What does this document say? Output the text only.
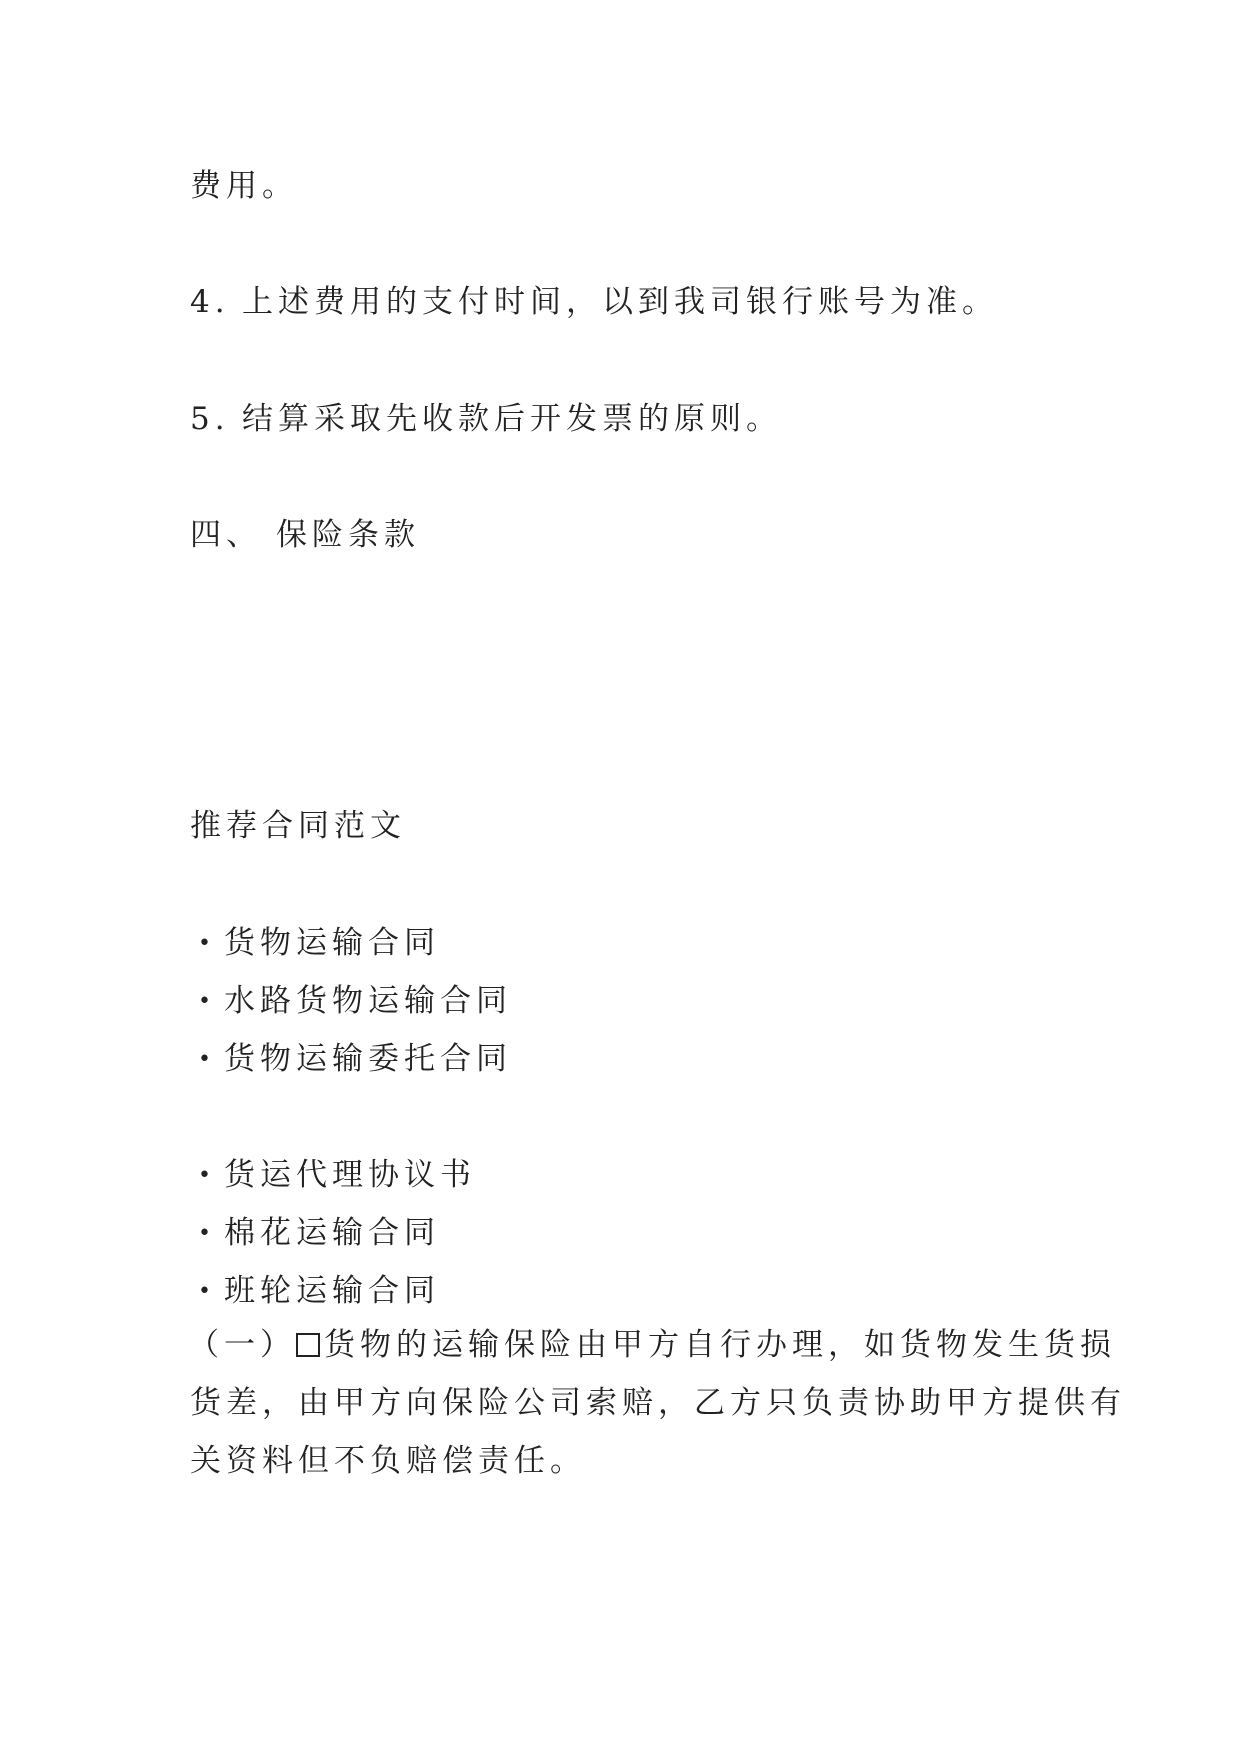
费用。
4. 上述费用的支付时间，以到我司银行账号为准。
5. 结算采取先收款后开发票的原则。
四、 保险条款
推荐合同范文
• 货物运输合同
• 水路货物运输合同
• 货物运输委托合同
• 货运代理协议书
• 棉花运输合同
• 班轮运输合同
（一） 货物的运输保险由甲方自行办理，如货物发生货损
货差，由甲方向保险公司索赔，乙方只负责协助甲方提供有
关资料但不负赔偿责任。
